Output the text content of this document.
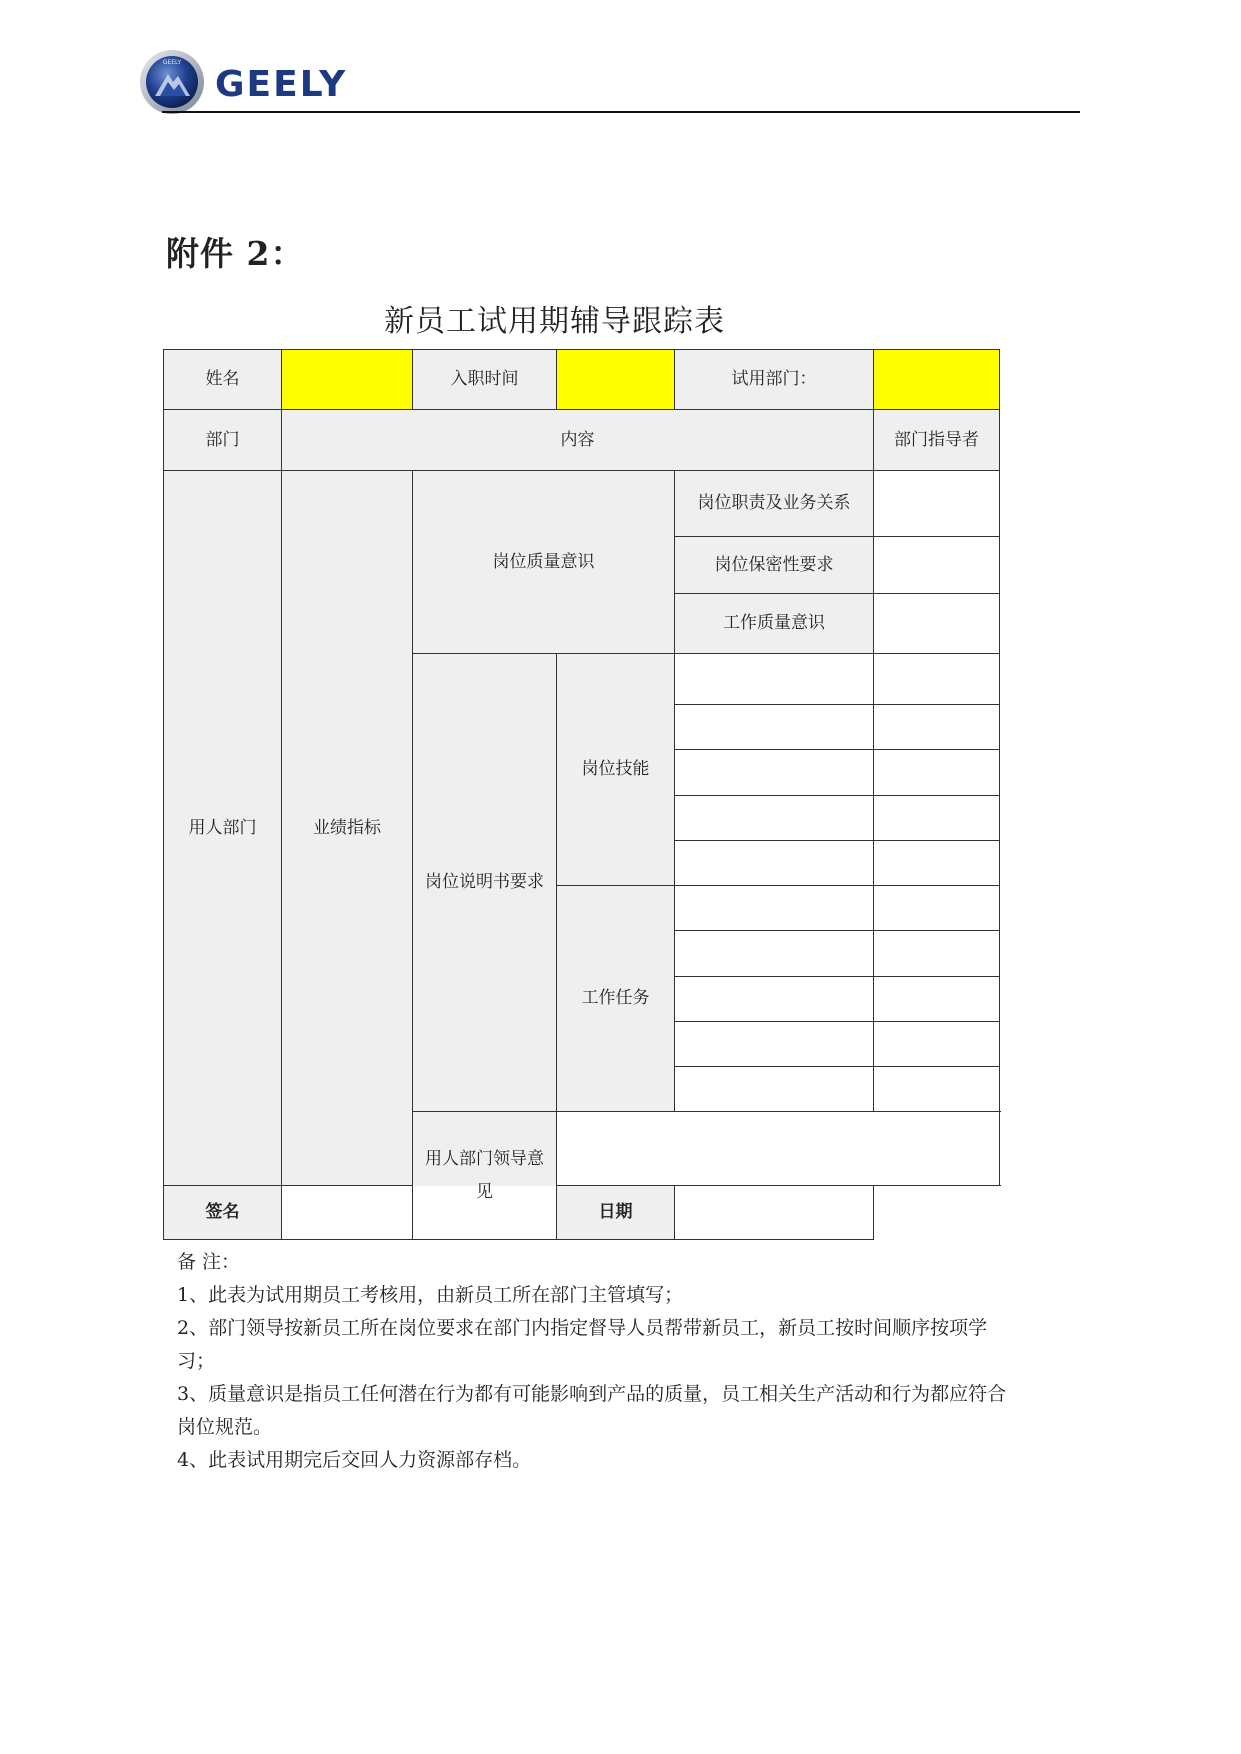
GEELY
GEELY
附件 2：
新员工试用期辅导跟踪表
姓名		入职时间		试用部门：	
部门	内容				部门指导者
用人部门	业绩指标	岗位质量意识		岗位职责及业务关系	
				岗位保密性要求	
				工作质量意识	
		岗位说明书要求	岗位技能		

			工作任务		

		用人部门领导意见			
签名			日期		

备 注：

1、此表为试用期员工考核用，由新员工所在部门主管填写；

2、部门领导按新员工所在岗位要求在部门内指定督导人员帮带新员工，新员工按时间顺序按项学习；

3、质量意识是指员工任何潜在行为都有可能影响到产品的质量，员工相关生产活动和行为都应符合岗位规范。

4、此表试用期完后交回人力资源部存档。
